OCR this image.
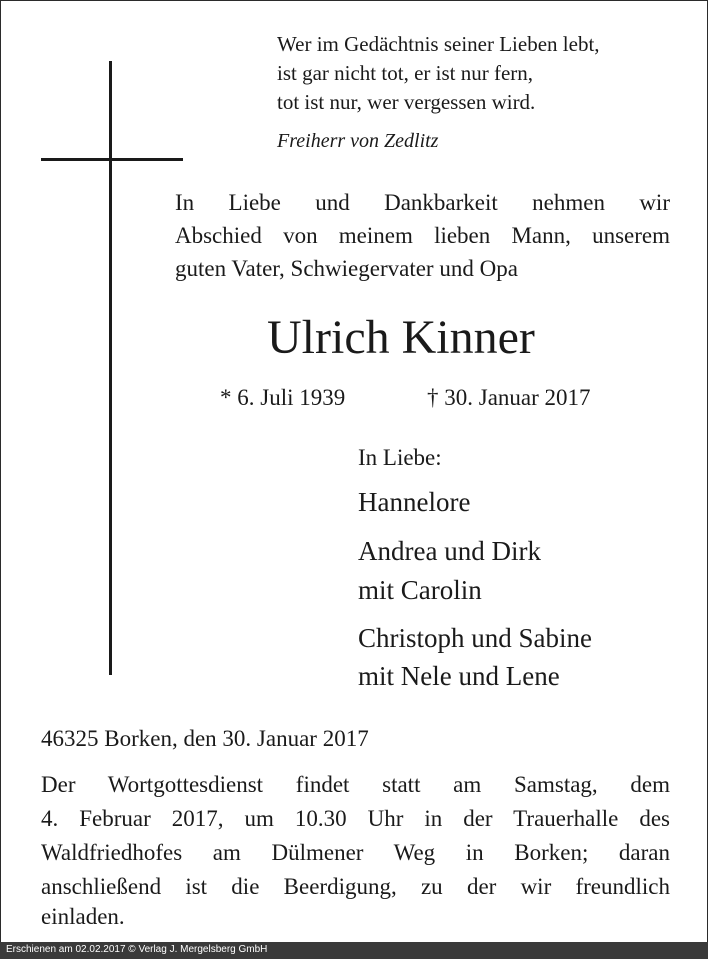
Wer im Gedächtnis seiner Lieben lebt,
ist gar nicht tot, er ist nur fern,
tot ist nur, wer vergessen wird.
Freiherr von Zedlitz
In Liebe und Dankbarkeit nehmen wir
Abschied von meinem lieben Mann, unserem
guten Vater, Schwiegervater und Opa
Ulrich Kinner
* 6. Juli 1939	† 30. Januar 2017
In Liebe:
Hannelore
Andrea und Dirk
mit Carolin
Christoph und Sabine
mit Nele und Lene
46325 Borken, den 30. Januar 2017
Der Wortgottesdienst findet statt am Samstag, dem
4. Februar 2017, um 10.30 Uhr in der Trauerhalle des
Waldfriedhofes am Dülmener Weg in Borken; daran
anschließend ist die Beerdigung, zu der wir freundlich
einladen.
Erschienen am 02.02.2017 © Verlag J. Mergelsberg GmbH
